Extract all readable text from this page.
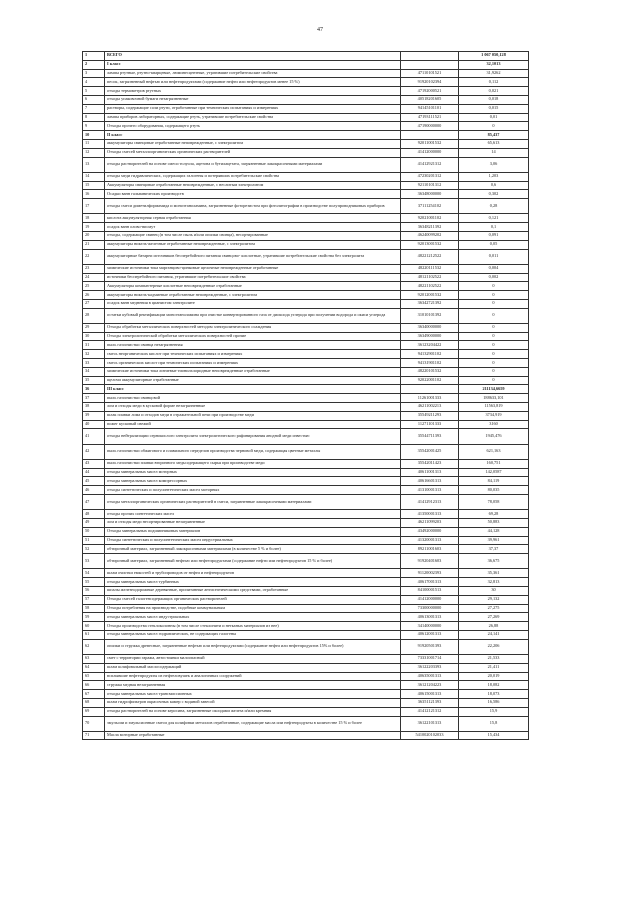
47
1	ВСЕГО		1 067 050,128
2	I класс		32,1013
3	лампы ртутные, ртутно-кварцевые, люминесцентные, утратившие потребительские свойства	47110101521	31,9262
4	песок, загрязненный нефтью или нефтепродуктами (содержание нефти или нефтепродуктов менее 15 %)	91920102394	0,112
5	отходы термометров ртутных	47192000521	0,021
6	отходы упаковочной бумаги незагрязненные	40518201605	0,018
7	растворы, содержащие соли ртути, отработанные при технических испытаниях и измерениях	94145101101	0,015
8	лампы приборов лабораторных, содержащие ртуть, утратившие потребительские свойства	47193111521	0,01
9	Отходы прочего оборудования, содержащего ртуть	47190000000	0
10	II класс		85,437
11	аккумуляторы свинцовые отработанные неповрежденные, с электролитом	92011001532	65,613
12	Отходы смесей металлоорганических органических растворителей	41412000000	14
13	отходы растворителей на основе смеси толуола, ацетона и бутилацетата, загрязненные лакокрасочными материалами	41412921312	3,06
14	отходы меди гидравлических, содержащих галогены и потерявших потребительские свойства	47230201312	1,203
15	Аккумуляторы свинцовые отработанные неповрежденные, с неслитым электролитом	92110101312	0,6
16	Осадки ванн гальванических производств	36348000000	0,302
17	отходы смеси диметилформамида и моноэтаноламина, загрязненные фоторезистом при фотолитографии в производстве полупроводниковых приборов	37111254102	0,28
18	кислота аккумуляторная серная отработанная	92021001102	0,121
19	осадок ванн олово-висмут	36348211392	0,1
20	отходы, содержащие свинец (в том числе пыль и/или опилки свинца), несортированные	46240099202	0,091
21	аккумуляторы никель-железные отработанные неповрежденные, с электролитом	92013001532	0,05
22	аккумуляторные батареи источников бесперебойного питания свинцово- кислотные, утратившие потребительские свойства без электролита	48221212522	0,011
23	химические источники тока марганцово-цинковые щелочные неповрежденные отработанные	48220111532	0,004
24	источники бесперебойного питания, утратившие потребительские свойства	48121102522	0,002
25	Аккумуляторы компьютерные кислотные неповрежденные отработанные	48221102522	0
26	аккумуляторы никель-кадмиевые отработанные неповрежденные, с электролитом	92012001532	0
27	осадок ванн меднения в цианистом электролите	36342721392	0
28	остатки кубовый ректификации моноэтаноламина при очистке конвертированного газа от диоксида углерода при получении водорода и окиси углерода	31010101392	0
29	Отходы обработки металлических поверхностей методом электролитического осаждения	36340000000	0
30	Отходы электролитической обработки металлических поверхностей прочие	36349000000	0
31	пыль газоочистки свинца незагрязненная	36123204422	0
32	смесь неорганических кислот при технических испытаниях и измерениях	94132901102	0
33	смесь органических кислот при технических испытаниях и измерениях	94131901102	0
34	химические источники тока литиевые тионилхлоридные неповрежденные отработанные	48220101532	0
35	щелочи аккумуляторные отработанные	92022001102	0
36	III класс		211134,6659
37	пыль газоочистки свинцовой	11261001333	188633,101
38	лом и отходы меди в кусковой форме незагрязненные	46211002213	11563,819
39	шлак плавки лома и отходов меди в отражательной печи при производстве меди	35549211293	3734,919
40	пожег кусковый свежий	11271101333	3160
41	отходы нейтрализации сернокислого электролита электролитического рафинирования анодной меди известью	35544711393	1945,476
42	пыль газоочистки обжигового и плавильного переделов производства черновой меди, содержащая цветные металлы	35542001425	621,163
43	пыль газоочистки плавки вторичного медьсодержащего сырья при производстве меди	35542011423	160,751
44	отходы минеральных масел моторных	40611001313	142,0587
45	отходы минеральных масел компрессорных	40616601313	84,119
46	отходы синтетических и полусинтетических масел моторных	41310001313	80,035
47	отходы металлорганических органических растворителей в смеси, загрязненные лакокрасочными материалами	41412912313	78,058
48	отходы прочих синтетических масел	41350001313	69,28
49	лом и отходы меди несортированные незагрязненные	46211099203	50,883
50	Отходы минеральных подшипниковых материалов	43492000000	44,128
51	Отходы синтетических и полусинтетических масел индустриальных	41320001313	39,961
52	обтирочный материал, загрязненный лакокрасочными материалами (в количестве 5 % и более)	89211001603	37,37
53	обтирочный материал, загрязненный нефтью или нефтепродуктами (содержание нефти или нефтепродуктов 15 % и более)	91920401603	36,675
54	шлам очистки емкостей и трубопроводов от нефти и нефтепродуктов	91120002393	35,361
55	отходы минеральных масел турбинных	40617001313	32,813
56	шпалы железнодорожные деревянные, пропитанные антисептическими средствами, отработанные	84100001513	30
57	Отходы смесей галогенсодержащих органических растворителей	41412000000	29,132
58	Отходы потребления на производстве, подобные коммунальным	73300000000	27,275
59	отходы минеральных масел индустриальных	40613001313	27,269
60	Отходы производства стеклоколонны (в том числе стеклонити и нетканых материалов из нее)	34140000000	26,88
61	отходы минеральных масел гидравлических, не содержащих галогены	40612001313	24,141
62	опилки и стружка древесные, загрязненные нефтью или нефтепродуктами (содержание нефти или нефтепродуктов 15% и более)	91920501393	22,206
63	смет с территории гаража, автостоянки малоопасный	73331001714	21,533
64	шлам шлифовальный маслосодержащий	36122203393	21,411
65	всплывшие нефтепродукты из нефтеловушек и аналогичных сооружений	40635001313	20,019
66	стружка медная незагрязненная	36121204223	18,082
67	отходы минеральных масел трансмиссионных	40615001313	18,073
68	шлам гидрофильтров окрасочных камер с водяной завесой	36351121393	16,586
69	отходы растворителей на основе керосина, загрязненные оксидами железа и/или кремния	41412121312	15,9
70	эмульсии и эмульсионные смеси для шлифовки металлов отработанные, содержащие масла или нефтепродукты в количестве 15 % и более	36122101313	15,8
71	Масла моторные отработанные	5410020102033	15,434
